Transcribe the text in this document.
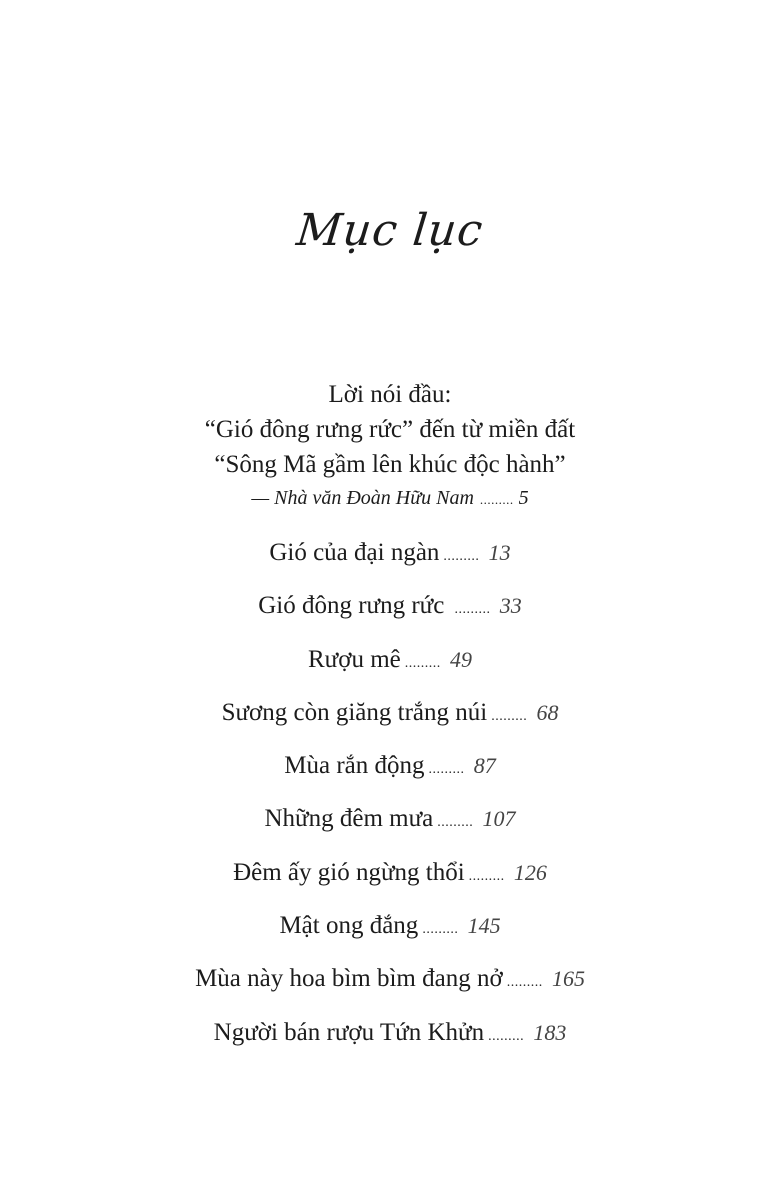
Mục lục
Lời nói đầu:
“Gió đông rưng rức” đến từ miền đất
“Sông Mã gầm lên khúc độc hành”
— Nhà văn Đoàn Hữu Nam ......... 5
Gió của đại ngàn ......... 13
Gió đông rưng rức ......... 33
Rượu mê ......... 49
Sương còn giăng trắng núi ......... 68
Mùa rắn động ......... 87
Những đêm mưa ......... 107
Đêm ấy gió ngừng thổi ......... 126
Mật ong đắng ......... 145
Mùa này hoa bìm bìm đang nở ......... 165
Người bán rượu Tứn Khửn ......... 183
